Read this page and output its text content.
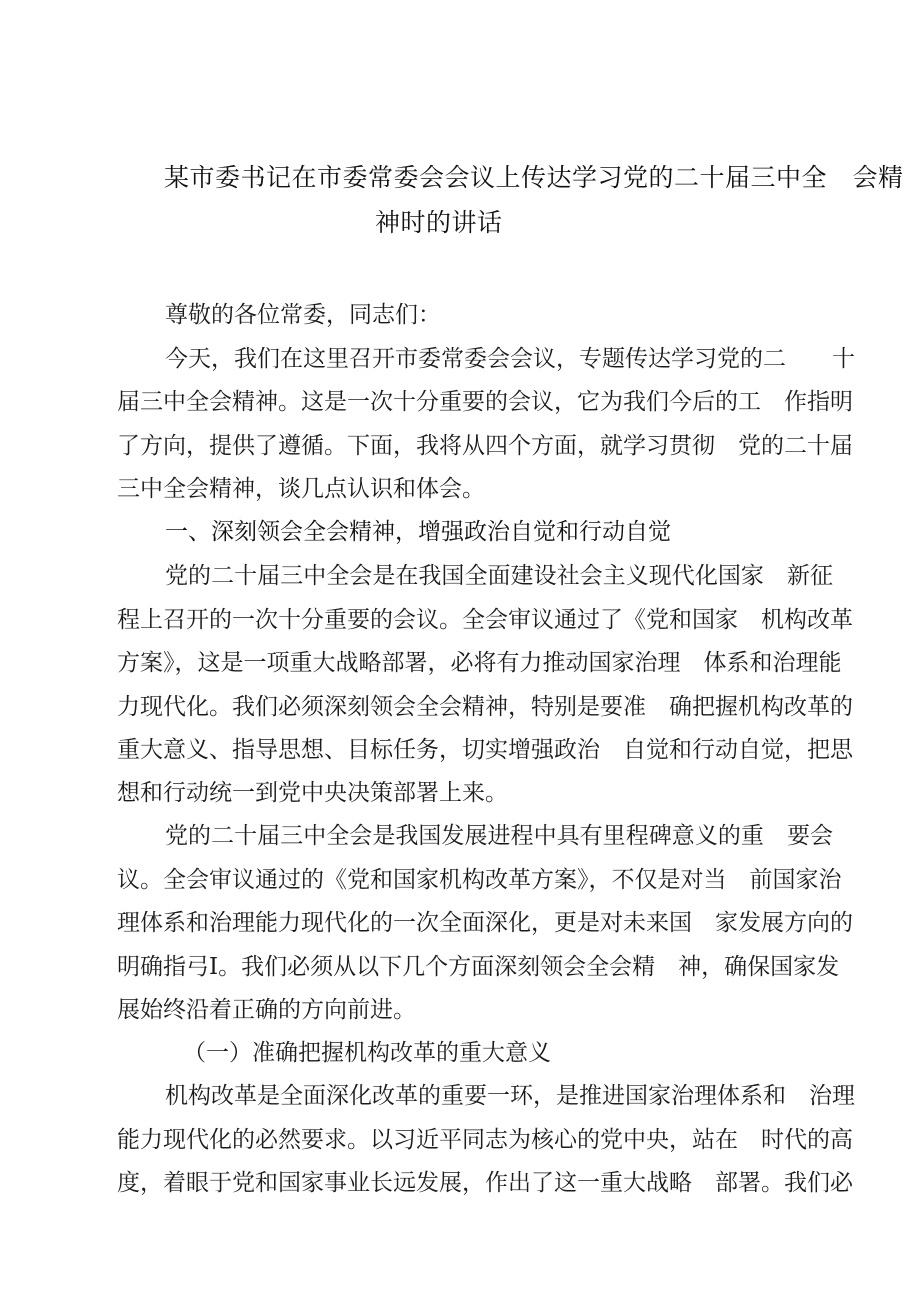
某市委书记在市委常委会会议上传达学习党的二十届三中全　会精
神时的讲话
尊敬的各位常委，同志们：
今天，我们在这里召开市委常委会会议，专题传达学习党的二　　十
届三中全会精神。这是一次十分重要的会议，它为我们今后的工　作指明
了方向，提供了遵循。下面，我将从四个方面，就学习贯彻　党的二十届
三中全会精神，谈几点认识和体会。
一、深刻领会全会精神，增强政治自觉和行动自觉
党的二十届三中全会是在我国全面建设社会主义现代化国家　新征
程上召开的一次十分重要的会议。全会审议通过了《党和国家　机构改革
方案》，这是一项重大战略部署，必将有力推动国家治理　体系和治理能
力现代化。我们必须深刻领会全会精神，特别是要准　确把握机构改革的
重大意义、指导思想、目标任务，切实增强政治　自觉和行动自觉，把思
想和行动统一到党中央决策部署上来。
党的二十届三中全会是我国发展进程中具有里程碑意义的重　要会
议。全会审议通过的《党和国家机构改革方案》，不仅是对当　前国家治
理体系和治理能力现代化的一次全面深化，更是对未来国　家发展方向的
明确指弓I。我们必须从以下几个方面深刻领会全会精　神，确保国家发
展始终沿着正确的方向前进。
（一）准确把握机构改革的重大意义
机构改革是全面深化改革的重要一环，是推进国家治理体系和　治理
能力现代化的必然要求。以习近平同志为核心的党中央，站在　时代的高
度，着眼于党和国家事业长远发展，作出了这一重大战略　部署。我们必
